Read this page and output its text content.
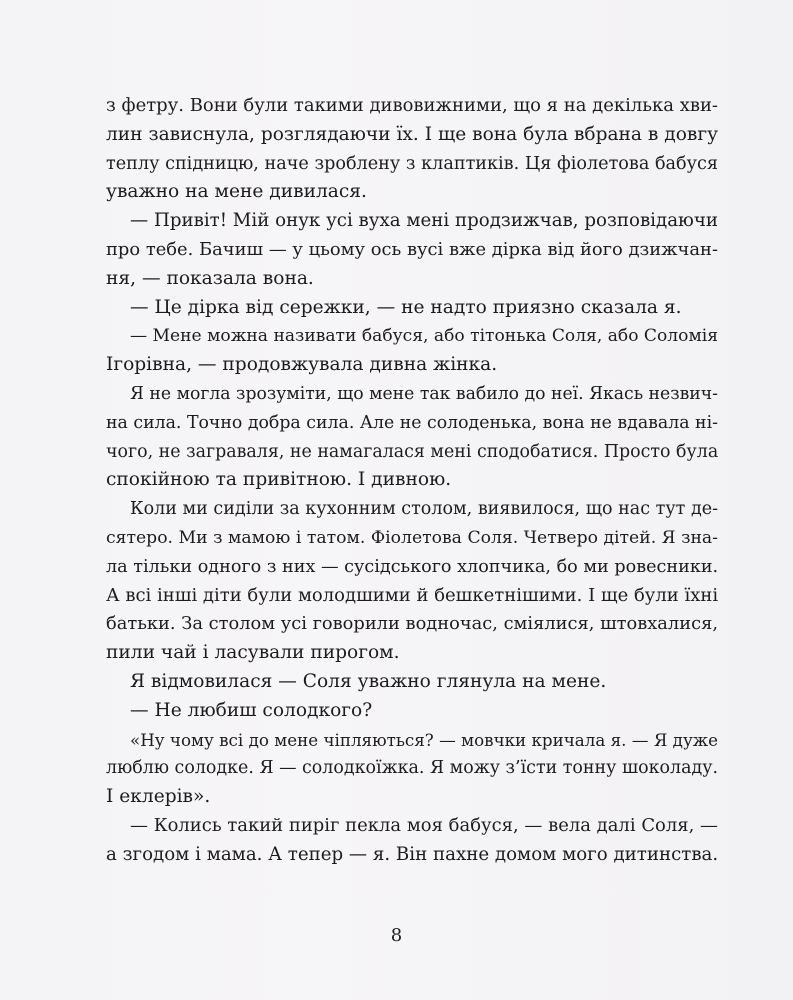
з фетру. Вони були такими дивовижними, що я на декілька хви-
лин зависнула, розглядаючи їх. І ще вона була вбрана в довгу
теплу спідницю, наче зроблену з клаптиків. Ця фіолетова бабуся
уважно на мене дивилася.
— Привіт! Мій онук усі вуха мені продзижчав, розповідаючи
про тебе. Бачиш — у цьому ось вусі вже дірка від його дзижчан-
ня, — показала вона.
— Це дірка від сережки, — не надто приязно сказала я.
— Мене можна називати бабуся, або тітонька Соля, або Соломія
Ігорівна, — продовжувала дивна жінка.
Я не могла зрозуміти, що мене так вабило до неї. Якась незвич-
на сила. Точно добра сила. Але не солоденька, вона не вдавала ні-
чого, не заграваля, не намагалася мені сподобатися. Просто була
спокійною та привітною. І дивною.
Коли ми сиділи за кухонним столом, виявилося, що нас тут де-
сятеро. Ми з мамою і татом. Фіолетова Соля. Четверо дітей. Я зна-
ла тільки одного з них — сусідського хлопчика, бо ми ровесники.
А всі інші діти були молодшими й бешкетнішими. І ще були їхні
батьки. За столом усі говорили водночас, сміялися, штовхалися,
пили чай і ласували пирогом.
Я відмовилася — Соля уважно глянула на мене.
— Не любиш солодкого?
«Ну чому всі до мене чіпляються? — мовчки кричала я. — Я дуже
люблю солодке. Я — солодкоїжка. Я можу з’їсти тонну шоколаду.
І еклерів».
— Колись такий пиріг пекла моя бабуся, — вела далі Соля, —
а згодом і мама. А тепер — я. Він пахне домом мого дитинства.
8
